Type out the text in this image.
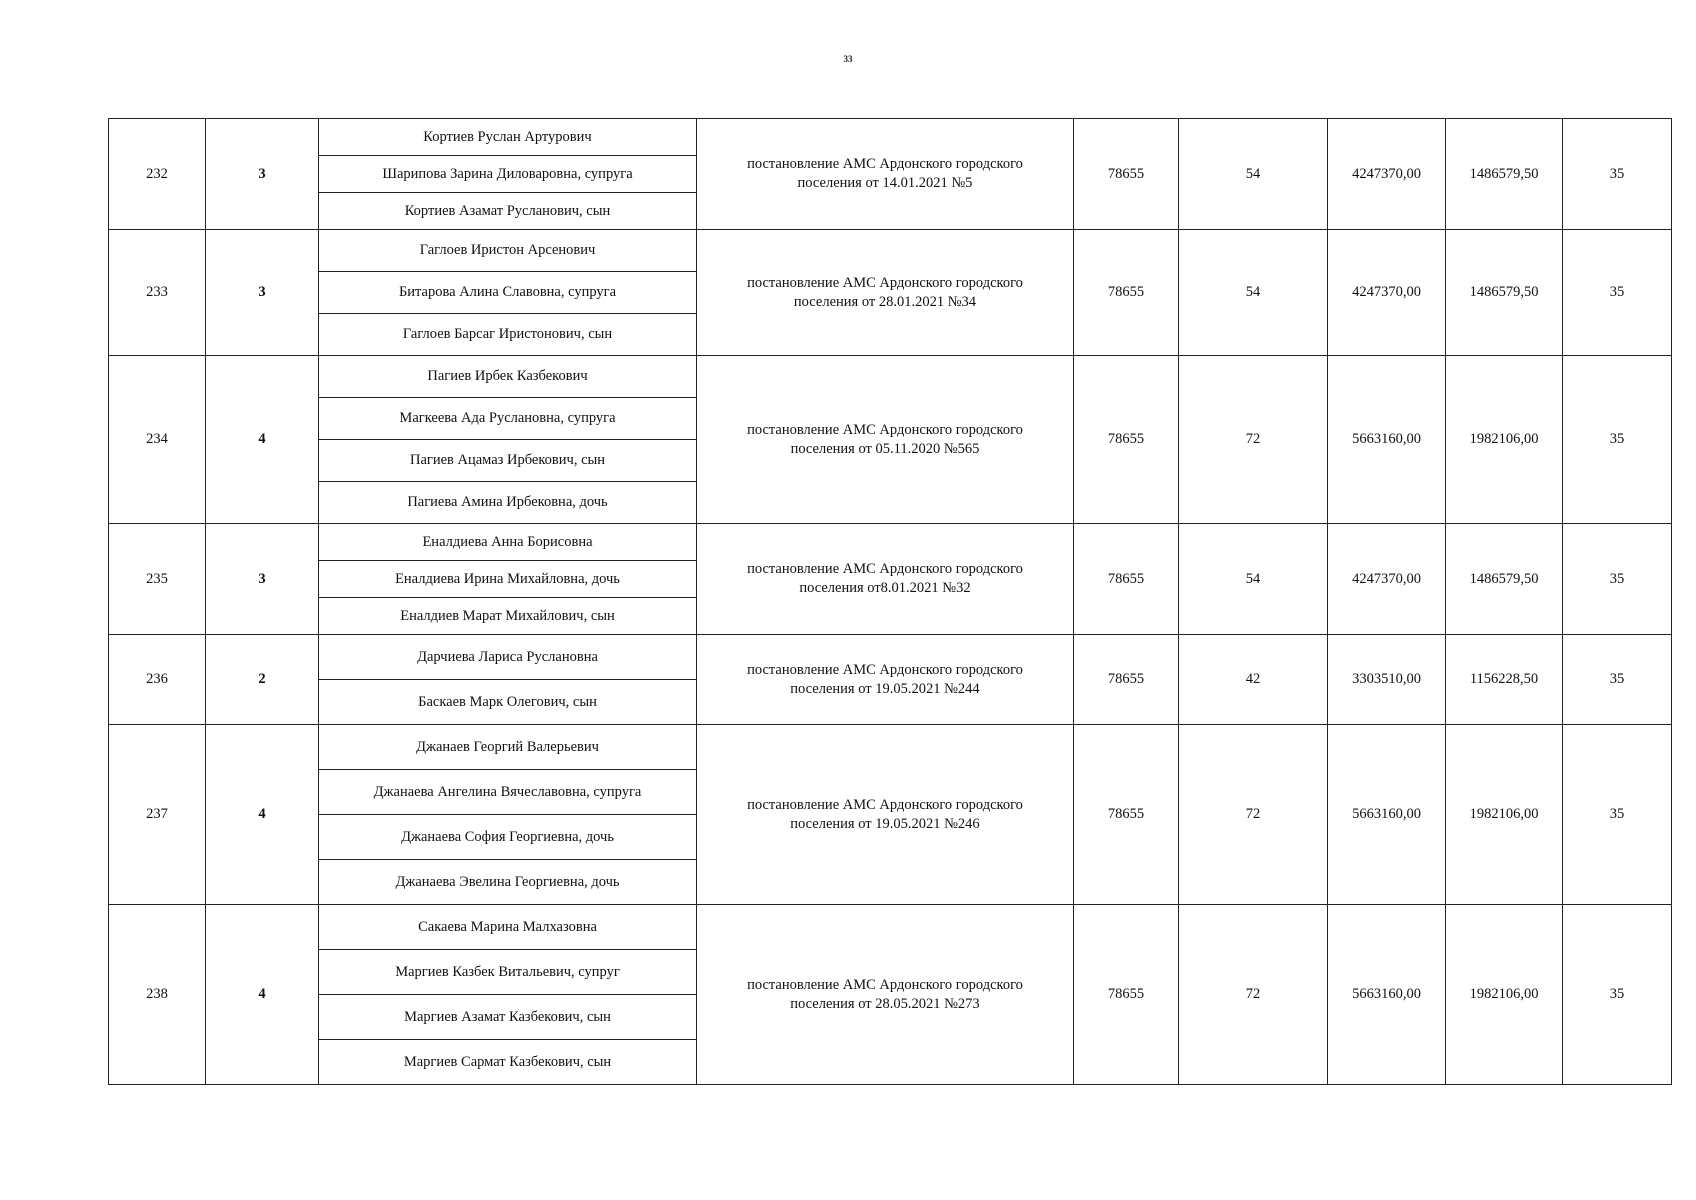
33
232	3	Кортиев Руслан Артурович	постановление АМС Ардонского городского поселения от 14.01.2021 №5	78655	54	4247370,00	1486579,50	35
		Шарипова Зарина Диловаровна, супруга						
		Кортиев Азамат Русланович, сын						
233	3	Гаглоев Иристон Арсенович	постановление АМС Ардонского городского поселения от 28.01.2021 №34	78655	54	4247370,00	1486579,50	35
		Битарова Алина Славовна, супруга						
		Гаглоев Барсаг Иристонович, сын						
234	4	Пагиев Ирбек Казбекович	постановление АМС Ардонского городского поселения от 05.11.2020 №565	78655	72	5663160,00	1982106,00	35
		Магкеева Ада Руслановна, супруга						
		Пагиев Ацамаз Ирбекович, сын						
		Пагиева Амина Ирбековна, дочь						
235	3	Еналдиева Анна Борисовна	постановление АМС Ардонского городского поселения от8.01.2021 №32	78655	54	4247370,00	1486579,50	35
		Еналдиева Ирина Михайловна, дочь						
		Еналдиев Марат Михайлович, сын						
236	2	Дарчиева Лариса Руслановна	постановление АМС Ардонского городского поселения от 19.05.2021 №244	78655	42	3303510,00	1156228,50	35
		Баскаев Марк Олегович, сын						
237	4	Джанаев Георгий Валерьевич	постановление АМС Ардонского городского поселения от 19.05.2021 №246	78655	72	5663160,00	1982106,00	35
		Джанаева Ангелина Вячеславовна, супруга						
		Джанаева София Георгиевна, дочь						
		Джанаева Эвелина Георгиевна, дочь						
238	4	Сакаева Марина Малхазовна	постановление АМС Ардонского городского поселения от 28.05.2021 №273	78655	72	5663160,00	1982106,00	35
		Маргиев Казбек Витальевич, супруг						
		Маргиев Азамат Казбекович, сын						
		Маргиев Сармат Казбекович, сын						
